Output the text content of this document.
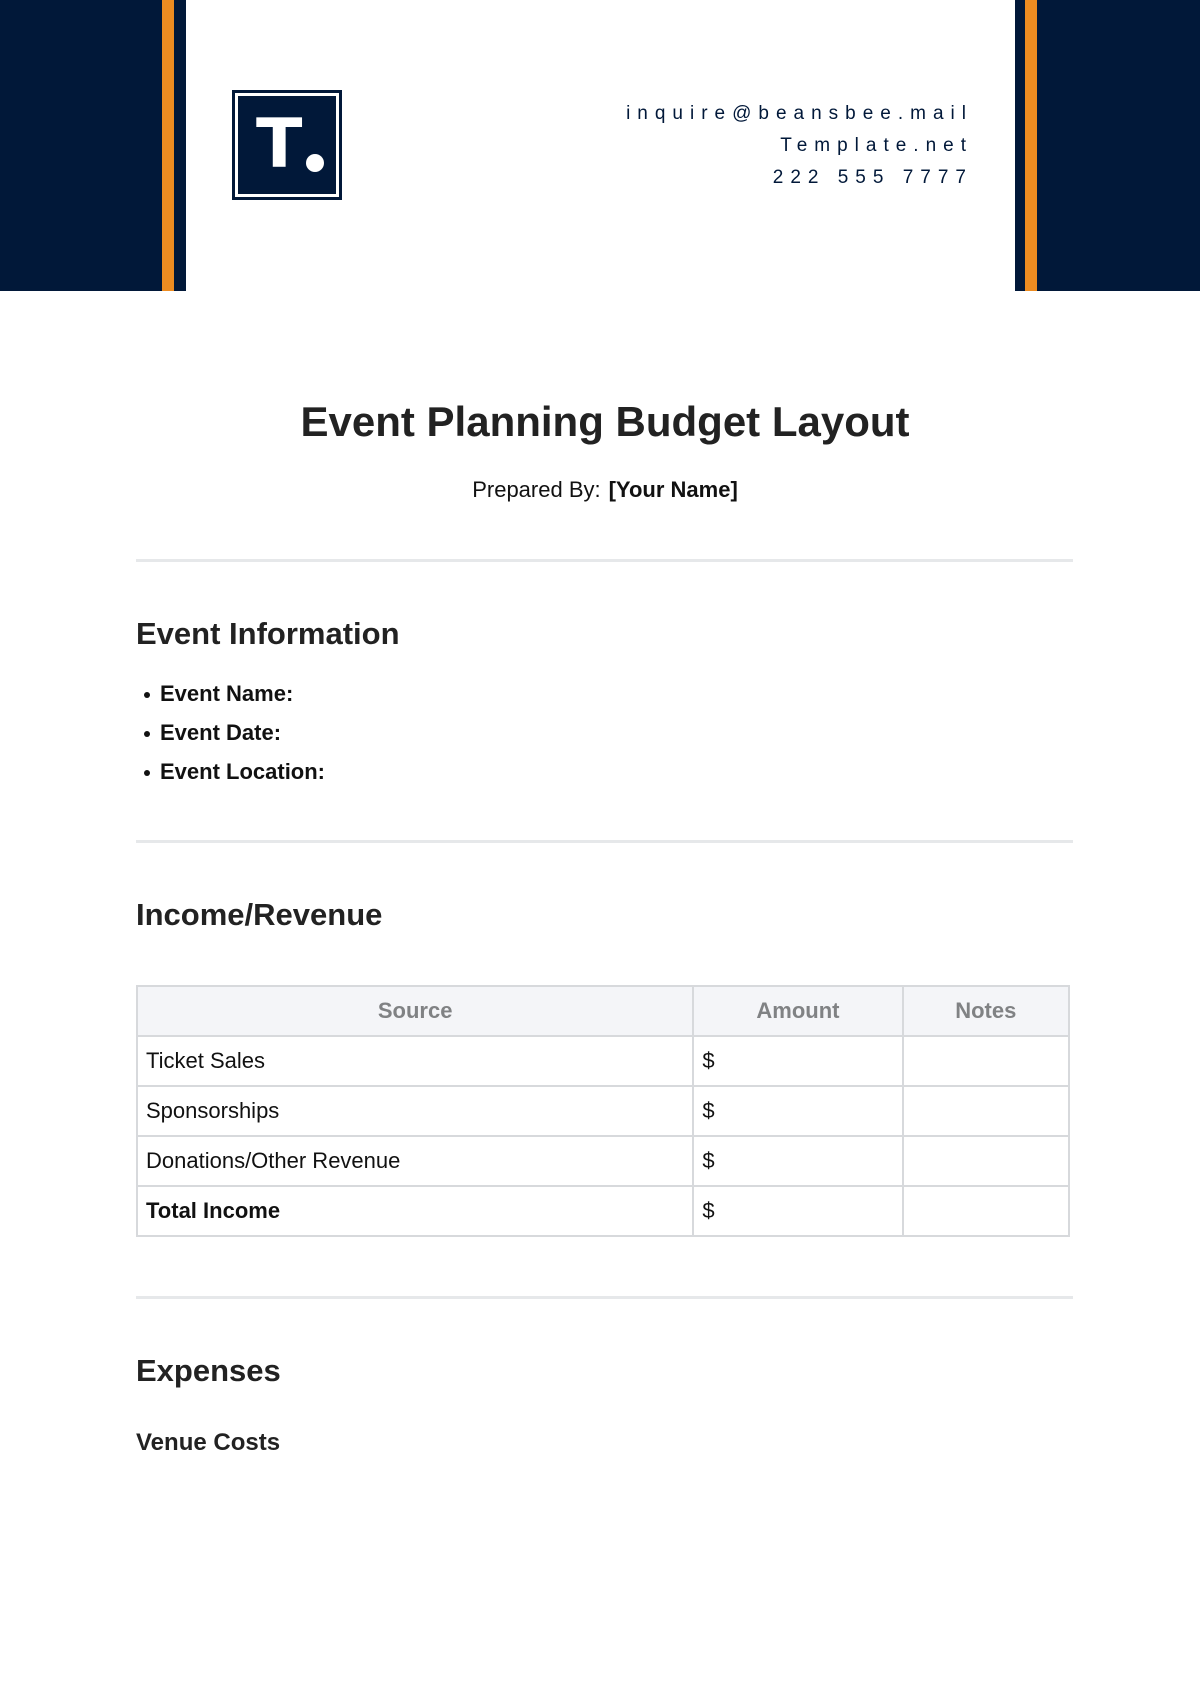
T	inquire@beansbee.mail
Template.net
222 555 7777
Event Planning Budget Layout
Prepared By: [Your Name]
Event Information
Event Name:
Event Date:
Event Location:
Income/Revenue
Source	Amount	Notes
Ticket Sales	$	
Sponsorships	$	
Donations/Other Revenue	$	
Total Income	$	
Expenses
Venue Costs
